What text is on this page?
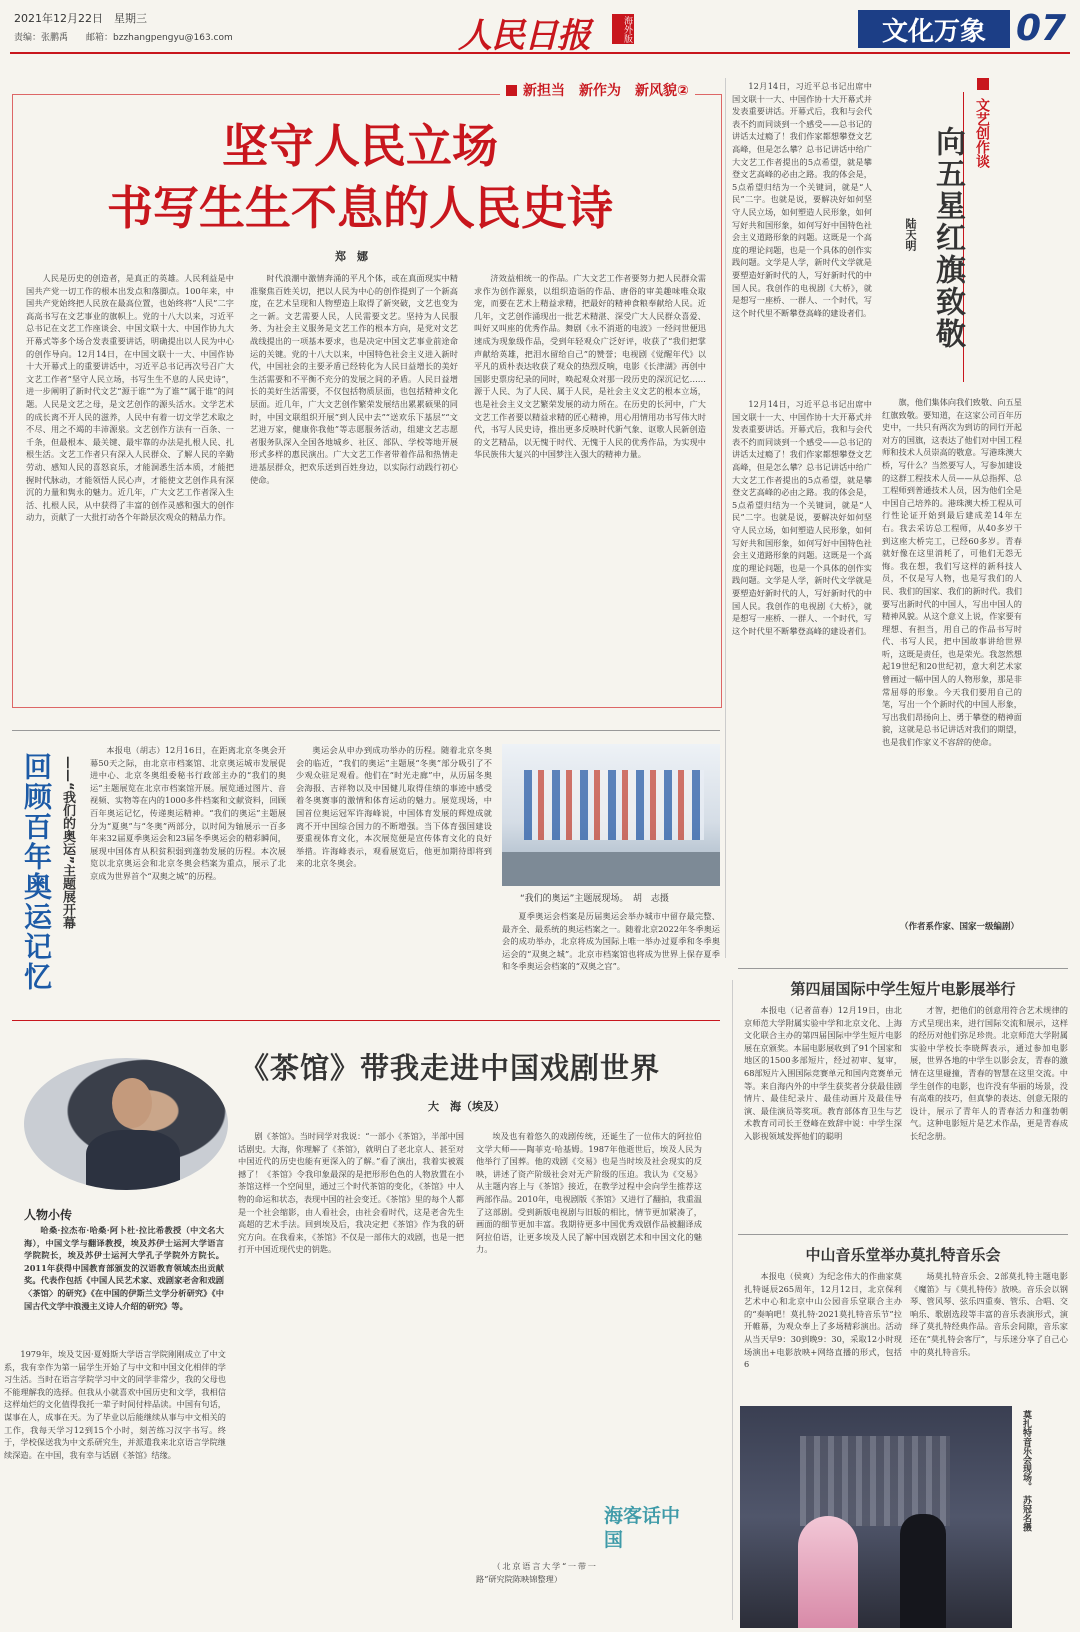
2021年12月22日　星期三
责编：张鹏禹　　邮箱：bzzhangpengyu@163.com	人民日报	海外版	文化万象 07
新担当　新作为　新风貌②
坚守人民立场
书写生生不息的人民史诗
郑　娜

人民是历史的创造者，是真正的英雄。人民利益是中国共产党一切工作的根本出发点和落脚点。100年来，中国共产党始终把人民放在最高位置，也始终将“人民”二字高高书写在文艺事业的旗帜上。党的十八大以来，习近平总书记在文艺工作座谈会、中国文联十大、中国作协九大开幕式等多个场合发表重要讲话，明确提出以人民为中心的创作导向。12月14日，在中国文联十一大、中国作协十大开幕式上的重要讲话中，习近平总书记再次号召广大文艺工作者“坚守人民立场，书写生生不息的人民史诗”，进一步阐明了新时代文艺“源于谁”“为了谁”“属于谁”的问题。人民是文艺之母，是文艺创作的源头活水。文学艺术的成长离不开人民的滋养，人民中有着一切文学艺术取之不尽、用之不竭的丰沛源泉。文艺创作方法有一百条、一千条，但最根本、最关键、最牢靠的办法是扎根人民、扎根生活。文艺工作者只有深入人民群众、了解人民的辛勤劳动、感知人民的喜怒哀乐，才能洞悉生活本质，才能把握时代脉动，才能领悟人民心声，才能使文艺创作具有深沉的力量和隽永的魅力。近几年，广大文艺工作者深入生活、扎根人民，从中获得了丰富的创作灵感和强大的创作动力，贡献了一大批打动各个年龄层次观众的精品力作。

时代浪潮中激情奔涌的平凡个体，或在真面现实中精准聚焦百姓关切，把以人民为中心的创作提到了一个新高度，在艺术呈现和人物塑造上取得了新突破，文艺也变为之一新。文艺需要人民，人民需要文艺。坚持为人民服务、为社会主义服务是文艺工作的根本方向，是党对文艺战线提出的一项基本要求，也是决定中国文艺事业前途命运的关键。党的十八大以来，中国特色社会主义进入新时代，中国社会的主要矛盾已经转化为人民日益增长的美好生活需要和不平衡不充分的发展之间的矛盾。人民日益增长的美好生活需要，不仅包括物质层面，也包括精神文化层面。近几年，广大文艺创作繁荣发展结出累累硕果的同时，中国文联组织开展“到人民中去”“送欢乐下基层”“文艺进万家，健康你我他”等志愿服务活动，组建文艺志愿者服务队深入全国各地城乡、社区、部队、学校等地开展形式多样的惠民演出。广大文艺工作者带着作品和热情走进基层群众，把欢乐送到百姓身边，以实际行动践行初心使命。

济效益相统一的作品。广大文艺工作者要努力把人民群众需求作为创作源泉，以组织造诣的作品、唐俗的审美趣味唯众取宠，而要在艺术上精益求精，把最好的精神食粮奉献给人民。近几年，文艺创作涌现出一批艺术精湛、深受广大人民群众喜爱、叫好又叫座的优秀作品。舞剧《永不消逝的电波》一经问世便迅速成为现象级作品，受到年轻观众广泛好评，收获了“我们把掌声献给英雄，把泪水留给自己”的赞誉；电视剧《觉醒年代》以平凡的质朴表达收获了观众的热烈反响，电影《长津湖》再创中国影史票房纪录的同时，唤起观众对那一段历史的深沉记忆……源于人民、为了人民、属于人民，是社会主义文艺的根本立场，也是社会主义文艺繁荣发展的动力所在。在历史的长河中，广大文艺工作者要以精益求精的匠心精神，用心用情用功书写伟大时代，书写人民史诗，推出更多反映时代新气象、讴歌人民新创造的文艺精品，以无愧于时代、无愧于人民的优秀作品，为实现中华民族伟大复兴的中国梦注入强大的精神力量。

文艺创作谈
向五星红旗致敬
陆天明

12月14日，习近平总书记出席中国文联十一大、中国作协十大开幕式并发表重要讲话。开幕式后，我和与会代表不约而同谈到一个感受——总书记的讲话太过瘾了！我们作家都想攀登文艺高峰，但是怎么攀？总书记讲话中给广大文艺工作者提出的5点希望，就是攀登文艺高峰的必由之路。我的体会是，5点希望归结为一个关键词，就是“人民”二字。也就是说，要解决好如何坚守人民立场，如何塑造人民形象，如何写好共和国形象，如何写好中国特色社会主义道路形象的问题。这既是一个高度的理论问题，也是一个具体的创作实践问题。文学是人学，新时代文学就是要塑造好新时代的人，写好新时代的中国人民。我创作的电视剧《大桥》，就是想写一座桥、一群人、一个时代，写这个时代里不断攀登高峰的建设者们。

12月14日，习近平总书记出席中国文联十一大、中国作协十大开幕式并发表重要讲话。开幕式后，我和与会代表不约而同谈到一个感受——总书记的讲话太过瘾了！我们作家都想攀登文艺高峰，但是怎么攀？总书记讲话中给广大文艺工作者提出的5点希望，就是攀登文艺高峰的必由之路。我的体会是，5点希望归结为一个关键词，就是“人民”二字。也就是说，要解决好如何坚守人民立场，如何塑造人民形象，如何写好共和国形象，如何写好中国特色社会主义道路形象的问题。这既是一个高度的理论问题，也是一个具体的创作实践问题。文学是人学，新时代文学就是要塑造好新时代的人，写好新时代的中国人民。我创作的电视剧《大桥》，就是想写一座桥、一群人、一个时代，写这个时代里不断攀登高峰的建设者们。

旗，他们集体向我们致敬、向五星红旗致敬。要知道，在这家公司百年历史中，一共只有两次为到访的同行开起对方的国旗，这表达了他们对中国工程师和技术人员崇高的敬意。写港珠澳大桥，写什么？当然要写人，写参加建设的这群工程技术人员——从总指挥、总工程师到普通技术人员，因为他们全是中国自己培养的。港珠澳大桥工程从可行性论证开始到最后建成差14年左右。我去采访总工程师，从40多岁干到这座大桥完工，已经60多岁。青春就好像在这里消耗了，可他们无怨无悔。我在想，我们写这样的新科技人员，不仅是写人物，也是写我们的人民、我们的国家、我们的新时代。我们要写出新时代的中国人，写出中国人的精神风貌。从这个意义上说，作家要有理想、有担当，用自己的作品书写时代、书写人民，把中国故事讲给世界听，这既是责任，也是荣光。我忽然想起19世纪和20世纪初，意大利艺术家曾画过一幅中国人的人物形象，那是非常屈辱的形象。今天我们要用自己的笔，写出一个个新时代的中国人形象，写出我们昂扬向上、勇于攀登的精神面貌，这就是总书记讲话对我们的期望，也是我们作家义不容辞的使命。

（作者系作家、国家一级编剧）
回顾百年奥运记忆 ——“我们的奥运”主题展开幕

本报电（胡志）12月16日，在距离北京冬奥会开幕50天之际，由北京市档案馆、北京奥运城市发展促进中心、北京冬奥组委秘书行政部主办的“我们的奥运”主题展览在北京市档案馆开展。展览通过图片、音视频、实物等在内的1000多件档案和文献资料，回顾百年奥运记忆，传递奥运精神。“我们的奥运”主题展分为“夏奥”与“冬奥”两部分，以时间为轴展示一百多年来32届夏季奥运会和23届冬季奥运会的精彩瞬间，展现中国体育从积贫积弱到蓬勃发展的历程。本次展览以北京奥运会和北京冬奥会档案为重点，展示了北京成为世界首个“双奥之城”的历程。

奥运会从申办到成功举办的历程。随着北京冬奥会的临近，“我们的奥运”主题展“冬奥”部分吸引了不少观众驻足观看。他们在“时光走廊”中，从历届冬奥会海报、吉祥物以及中国健儿取得佳绩的事迹中感受着冬奥赛事的激情和体育运动的魅力。展览现场，中国首位奥运冠军许海峰说，中国体育发展的辉煌成就离不开中国综合国力的不断增强。当下体育强国建设要重视体育文化，本次展览便是宣传体育文化的良好举措。许海峰表示，观看展览后，他更加期待即将到来的北京冬奥会。

“我们的奥运”主题展现场。　胡　志摄

夏季奥运会档案是历届奥运会举办城市中留存最完整、最齐全、最系统的奥运档案之一。随着北京2022年冬季奥运会的成功举办，北京将成为国际上唯一举办过夏季和冬季奥运会的“双奥之城”。北京市档案馆也将成为世界上保存夏季和冬季奥运会档案的“双奥之宫”。

《茶馆》带我走进中国戏剧世界
大　海（埃及）
人物小传

哈桑·拉杰布·哈桑·阿卜杜·拉比希教授（中文名大海），中国文学与翻译教授，埃及苏伊士运河大学语言学院院长，埃及苏伊士运河大学孔子学院外方院长。2011年获得中国教育部颁发的汉语教育领域杰出贡献奖。代表作包括《中国人民艺术家、戏剧家老舍和戏剧〈茶馆〉的研究》《在中国的伊斯兰文学分析研究》《中国古代文学中浪漫主义诗人介绍的研究》等。

1979年，埃及艾因·夏姆斯大学语言学院刚刚成立了中文系，我有幸作为第一届学生开始了与中文和中国文化相伴的学习生活。当时在语言学院学习中文的同学非常少，我的父母也不能理解我的选择。但我从小就喜欢中国历史和文学，我相信这样灿烂的文化值得我托一辈子时间付梓品读。中国有句话，谋事在人，成事在天。为了毕业以后能继续从事与中文相关的工作，我每天学习12到15个小时，刻苦练习汉字书写。终于，学校保送我为中文系研究生，并派遣我来北京语言学院继续深造。在中国，我有幸与话剧《茶馆》结缘。

剧《茶馆》。当时同学对我说：“一部小《茶馆》，半部中国话剧史。大海，你理解了《茶馆》，就明白了老北京人、甚至对中国近代的历史也能有更深入的了解。”看了演出，我着实被震撼了！《茶馆》令我印象最深的是把形形色色的人物放置在小茶馆这样一个空间里，通过三个时代茶馆的变化，《茶馆》中人物的命运和状态，表现中国的社会变迁。《茶馆》里的每个人都是一个社会缩影，由人看社会，由社会看时代，这是老舍先生高超的艺术手法。回到埃及后，我决定把《茶馆》作为我的研究方向。在我看来，《茶馆》不仅是一部伟大的戏剧，也是一把打开中国近现代史的钥匙。

埃及也有着悠久的戏剧传统，还诞生了一位伟大的阿拉伯文学大师——陶菲克·哈基姆。1987年他逝世后，埃及人民为他举行了国葬。他的戏剧《交易》也是当时埃及社会现实的反映，讲述了资产阶级社会对无产阶级的压迫。我认为《交易》从主题内容上与《茶馆》接近，在教学过程中会向学生推荐这两部作品。2010年，电视剧版《茶馆》又进行了翻拍，我重温了这部剧。受到新版电视剧与旧版的相比，情节更加紧凑了，画面的细节更加丰富。我期待更多中国优秀戏剧作品被翻译成阿拉伯语，让更多埃及人民了解中国戏剧艺术和中国文化的魅力。

海客话中国

（北京语言大学“一带一路”研究院陈映锦整理）

第四届国际中学生短片电影展举行

本报电（记者苗春）12月19日，由北京师范大学附属实验中学和北京文化、上海文化联合主办的第四届国际中学生短片电影展在京颁奖。本届电影展收到了91个国家和地区的1500多部短片，经过初审、复审，68部短片入围国际竞赛单元和国内竞赛单元等。来自海内外的中学生获奖者分获最佳剧情片、最佳纪录片、最佳动画片及最佳导演、最佳演员等奖项。教育部体育卫生与艺术教育司司长王登峰在致辞中说：中学生深入影视领域发挥他们的聪明

才智，把他们的创意用符合艺术规律的方式呈现出来，进行国际交流和展示，这样的经历对他们弥足珍贵。北京师范大学附属实验中学校长李晓辉表示，通过参加电影展，世界各地的中学生以影会友，青春的激情在这里碰撞，青春的智慧在这里交流。中学生创作的电影，也许没有华丽的场景，没有高难的技巧，但真挚的表达、创意无限的设计，展示了青年人的青春活力和蓬勃朝气。这种电影短片是艺术作品，更是青春成长纪念册。

中山音乐堂举办莫扎特音乐会

本报电（侯爽）为纪念伟大的作曲家莫扎特诞辰265周年，12月12日，北京保利艺术中心和北京中山公园音乐堂联合主办的“奏响吧！莫扎特·2021莫扎特音乐节”拉开帷幕，为观众奉上了多场精彩演出。活动从当天早9：30到晚9：30，采取12小时现场演出+电影放映+网络直播的形式，包括6

场莫扎特音乐会、2部莫扎特主题电影《魔笛》与《莫扎特传》放映。音乐会以钢琴、管风琴、弦乐四重奏、管乐、合唱、交响乐、歌剧选段等丰富的音乐表演形式，演绎了莫扎特经典作品。音乐会间隙，音乐家还在“莫扎特会客厅”，与乐迷分享了自己心中的莫扎特音乐。

莫扎特音乐会现场。　苏冠名摄
